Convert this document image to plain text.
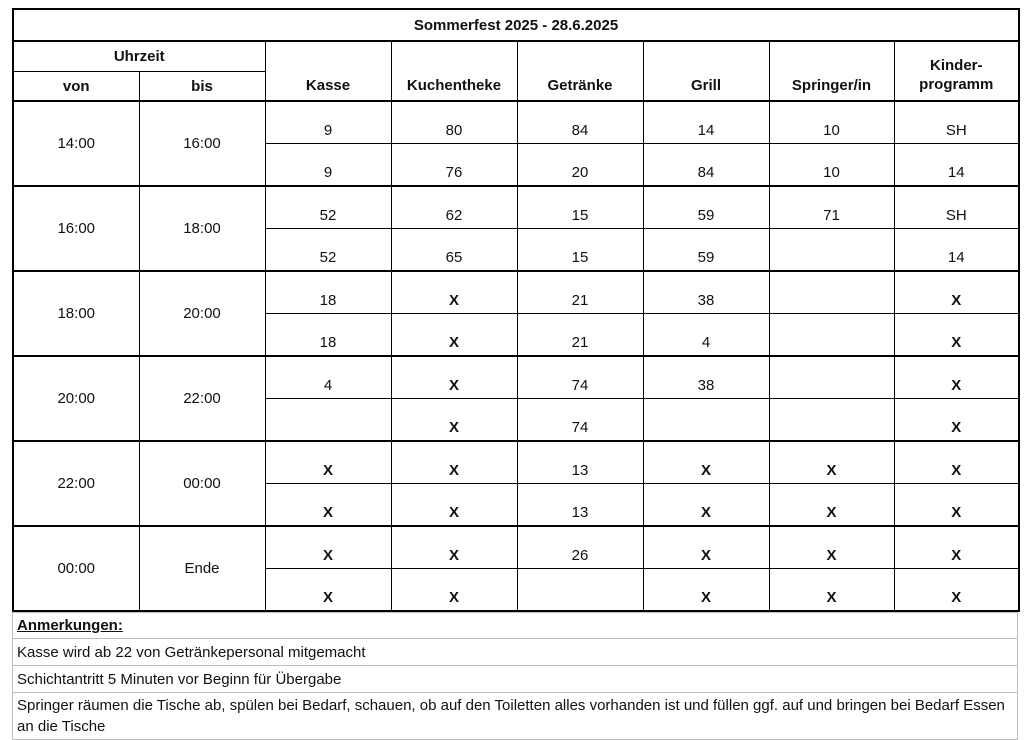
Sommerfest 2025 - 28.6.2025							
Uhrzeit		Kasse	Kuchentheke	Getränke	Grill	Springer/in	Kinder-
programm
von	bis						
14:00	16:00	9	80	84	14	10	SH
		9	76	20	84	10	14
16:00	18:00	52	62	15	59	71	SH
		52	65	15	59		14
18:00	20:00	18	X	21	38		X
		18	X	21	4		X
20:00	22:00	4	X	74	38		X
			X	74			X
22:00	00:00	X	X	13	X	X	X
		X	X	13	X	X	X
00:00	Ende	X	X	26	X	X	X
		X	X		X	X	X
Anmerkungen:
Kasse wird ab 22 von Getränkepersonal mitgemacht
Schichtantritt 5 Minuten vor Beginn für Übergabe
Springer räumen die Tische ab, spülen bei Bedarf, schauen, ob auf den Toiletten alles vorhanden ist und füllen ggf. auf und bringen bei Bedarf Essen an die Tische
